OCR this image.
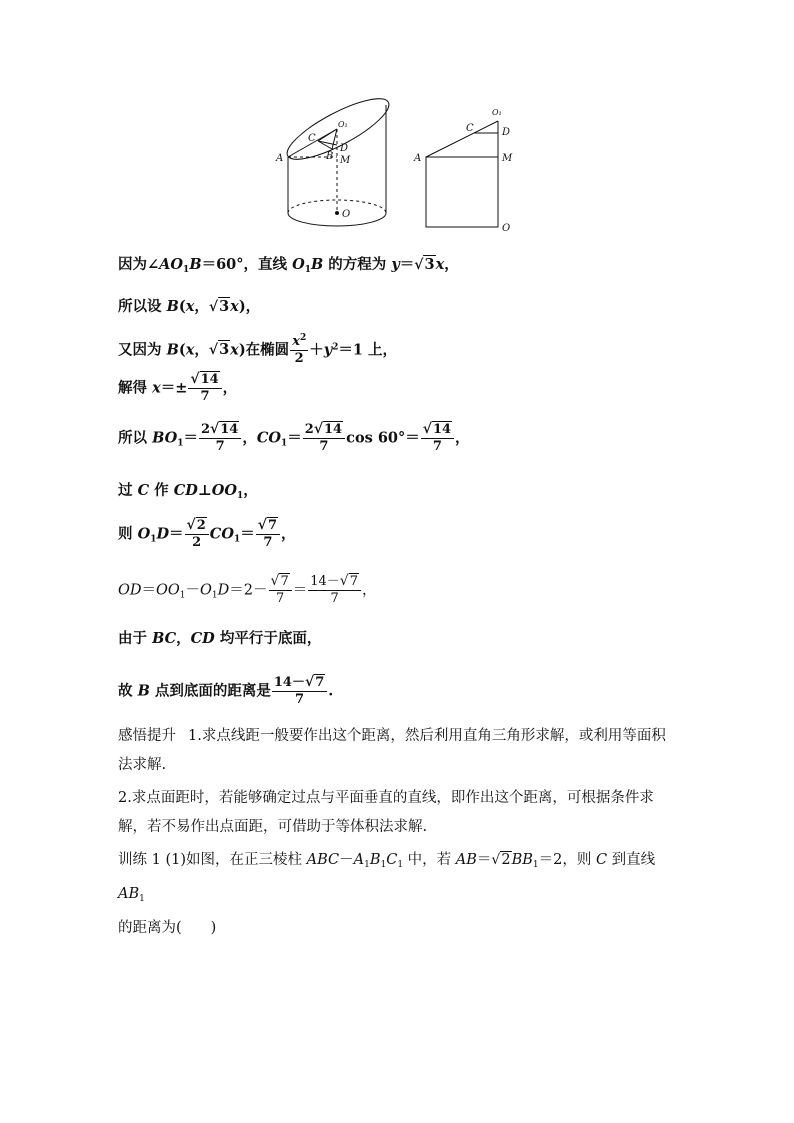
A
C
O₁
B
D
M
O
O₁
C	D
A	M
O
因为$\angle AO_1B=60^\circ$，直线 $O_1B$ 的方程为 y＝√3x，
所以设 B(x，√3x)，
又因为 B(x，√3x)在椭圆 $\frac{x^2}{2} +y^2=1$ 上，
解得 $x=\pm \frac{√14}{7}$ ，
所以 $BO_1= \frac{2√14}{7}$ ，$CO_1= \frac{2√14}{7}$ $\cos 60^\circ= \frac{√14}{7}$ ，
过 C 作 $CD\perp OO_1$，
则 $O_1D= \frac{√2}{2} CO_1= \frac{√7}{7}$ ，
$OD=OO_1-O_1D=2- \frac{√7}{7} = \frac{14-√7}{7}$ ，
由于 BC，CD 均平行于底面，
故 B 点到底面的距离是 $\frac{14-√7}{7}$ .
感悟提升 1.求点线距一般要作出这个距离，然后利用直角三角形求解，或利用等面积法求解.
2.求点面距时，若能够确定过点与平面垂直的直线，即作出这个距离，可根据条件求解，若不易作出点面距，可借助于等体积法求解.
训练 1 (1)如图，在正三棱柱 $ABC-A_1B_1C_1$ 中，若 $AB=√2BB_1=2$，则 C 到直线 $AB_1$
的距离为(　　)
